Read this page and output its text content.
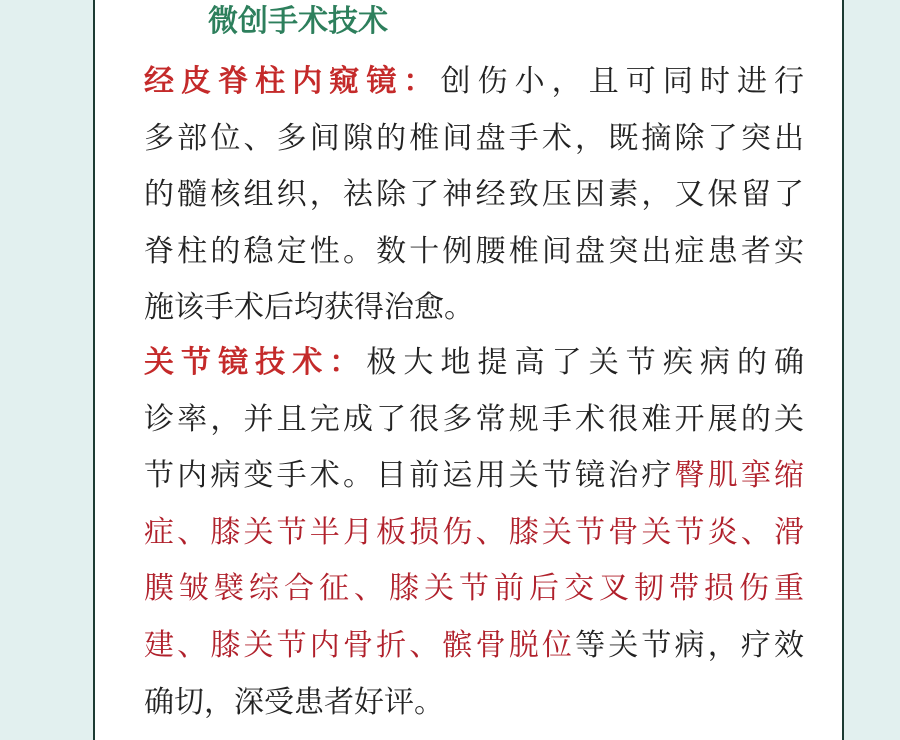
微创手术技术
经皮脊柱内窥镜：创伤小，且可同时进行
多部位、多间隙的椎间盘手术，既摘除了突出
的髓核组织，祛除了神经致压因素，又保留了
脊柱的稳定性。数十例腰椎间盘突出症患者实
施该手术后均获得治愈。
关节镜技术：极大地提高了关节疾病的确
诊率，并且完成了很多常规手术很难开展的关
节内病变手术。目前运用关节镜治疗臀肌挛缩
症、膝关节半月板损伤、膝关节骨关节炎、滑
膜皱襞综合征、膝关节前后交叉韧带损伤重
建、膝关节内骨折、髌骨脱位等关节病，疗效
确切，深受患者好评。
